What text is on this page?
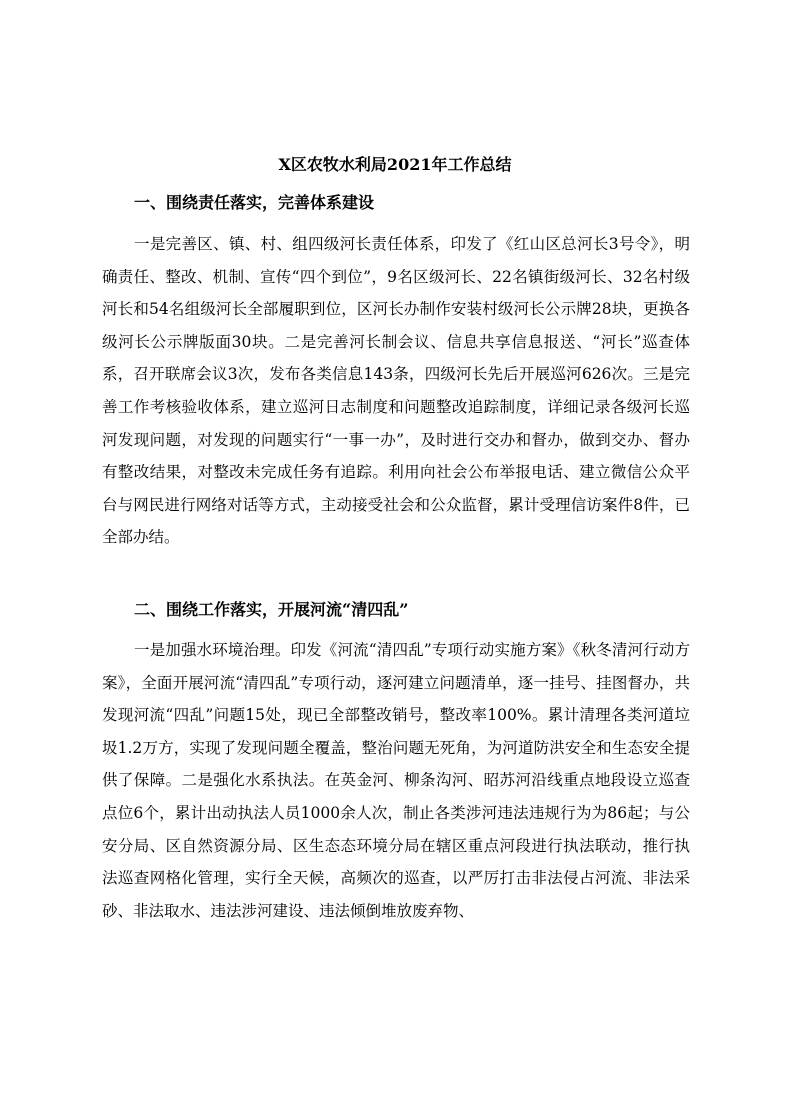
X区农牧水利局2021年工作总结
一、围绕责任落实，完善体系建设

一是完善区、镇、村、组四级河长责任体系，印发了《红山区总河长3号令》，明确责任、整改、机制、宣传“四个到位”，9名区级河长、22名镇街级河长、32名村级河长和54名组级河长全部履职到位，区河长办制作安装村级河长公示牌28块，更换各级河长公示牌版面30块。二是完善河长制会议、信息共享信息报送、“河长”巡查体系，召开联席会议3次，发布各类信息143条，四级河长先后开展巡河626次。三是完善工作考核验收体系，建立巡河日志制度和问题整改追踪制度，详细记录各级河长巡河发现问题，对发现的问题实行“一事一办”，及时进行交办和督办，做到交办、督办有整改结果，对整改未完成任务有追踪。利用向社会公布举报电话、建立微信公众平台与网民进行网络对话等方式，主动接受社会和公众监督，累计受理信访案件8件，已全部办结。

二、围绕工作落实，开展河流“清四乱”

一是加强水环境治理。印发《河流“清四乱”专项行动实施方案》《秋冬清河行动方案》，全面开展河流“清四乱”专项行动，逐河建立问题清单，逐一挂号、挂图督办，共发现河流“四乱”问题15处，现已全部整改销号，整改率100%。累计清理各类河道垃圾1.2万方，实现了发现问题全覆盖，整治问题无死角，为河道防洪安全和生态安全提供了保障。二是强化水系执法。在英金河、柳条沟河、昭苏河沿线重点地段设立巡查点位6个，累计出动执法人员1000余人次，制止各类涉河违法违规行为为86起；与公安分局、区自然资源分局、区生态态环境分局在辖区重点河段进行执法联动，推行执法巡查网格化管理，实行全天候，高频次的巡查，以严厉打击非法侵占河流、非法采砂、非法取水、违法涉河建设、违法倾倒堆放废弃物、
